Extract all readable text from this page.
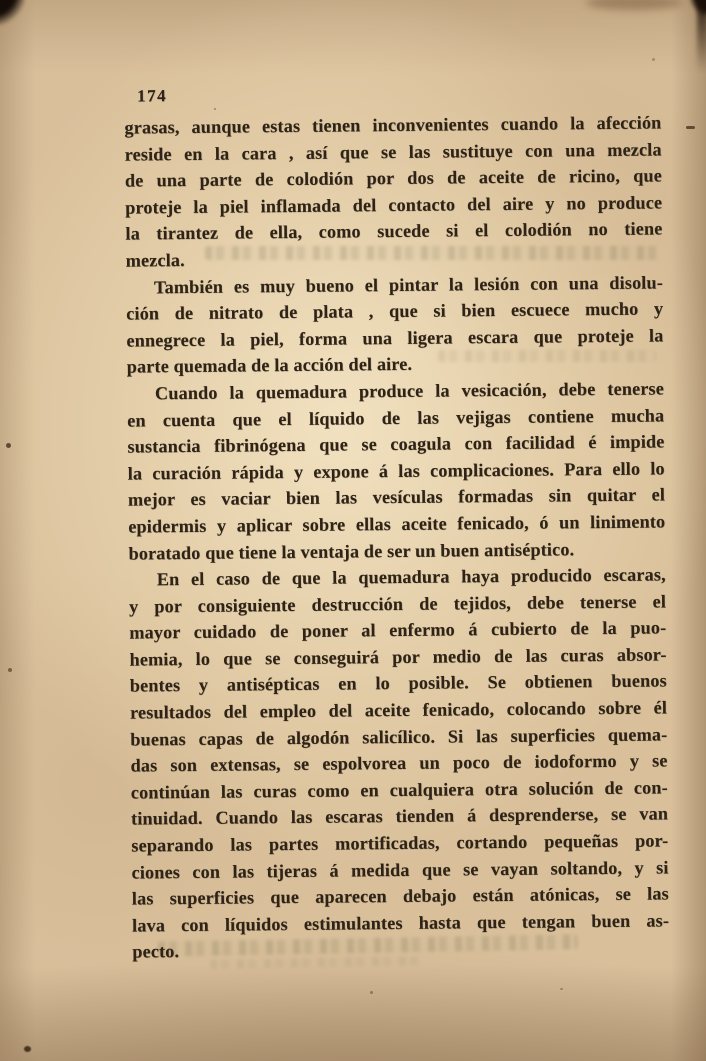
174
grasas, aunque estas tienen inconvenientes cuando la afección
reside en la cara , así que se las sustituye con una mezcla
de una parte de colodión por dos de aceite de ricino, que
proteje la piel inflamada del contacto del aire y no produce
la tirantez de ella, como sucede si el colodión no tiene
mezcla.
También es muy bueno el pintar la lesión con una disolu-
ción de nitrato de plata , que si bien escuece mucho y
ennegrece la piel, forma una ligera escara que proteje la
parte quemada de la acción del aire.
Cuando la quemadura produce la vesicación, debe tenerse
en cuenta que el líquido de las vejigas contiene mucha
sustancia fibrinógena que se coagula con facilidad é impide
la curación rápida y expone á las complicaciones. Para ello lo
mejor es vaciar bien las vesículas formadas sin quitar el
epidermis y aplicar sobre ellas aceite fenicado, ó un linimento
boratado que tiene la ventaja de ser un buen antiséptico.
En el caso de que la quemadura haya producido escaras,
y por consiguiente destrucción de tejidos, debe tenerse el
mayor cuidado de poner al enfermo á cubierto de la puo-
hemia, lo que se conseguirá por medio de las curas absor-
bentes y antisépticas en lo posible. Se obtienen buenos
resultados del empleo del aceite fenicado, colocando sobre él
buenas capas de algodón salicílico. Si las superficies quema-
das son extensas, se espolvorea un poco de iodoformo y se
continúan las curas como en cualquiera otra solución de con-
tinuidad. Cuando las escaras tienden á desprenderse, se van
separando las partes mortificadas, cortando pequeñas por-
ciones con las tijeras á medida que se vayan soltando, y si
las superficies que aparecen debajo están atónicas, se las
lava con líquidos estimulantes hasta que tengan buen as-
pecto.
